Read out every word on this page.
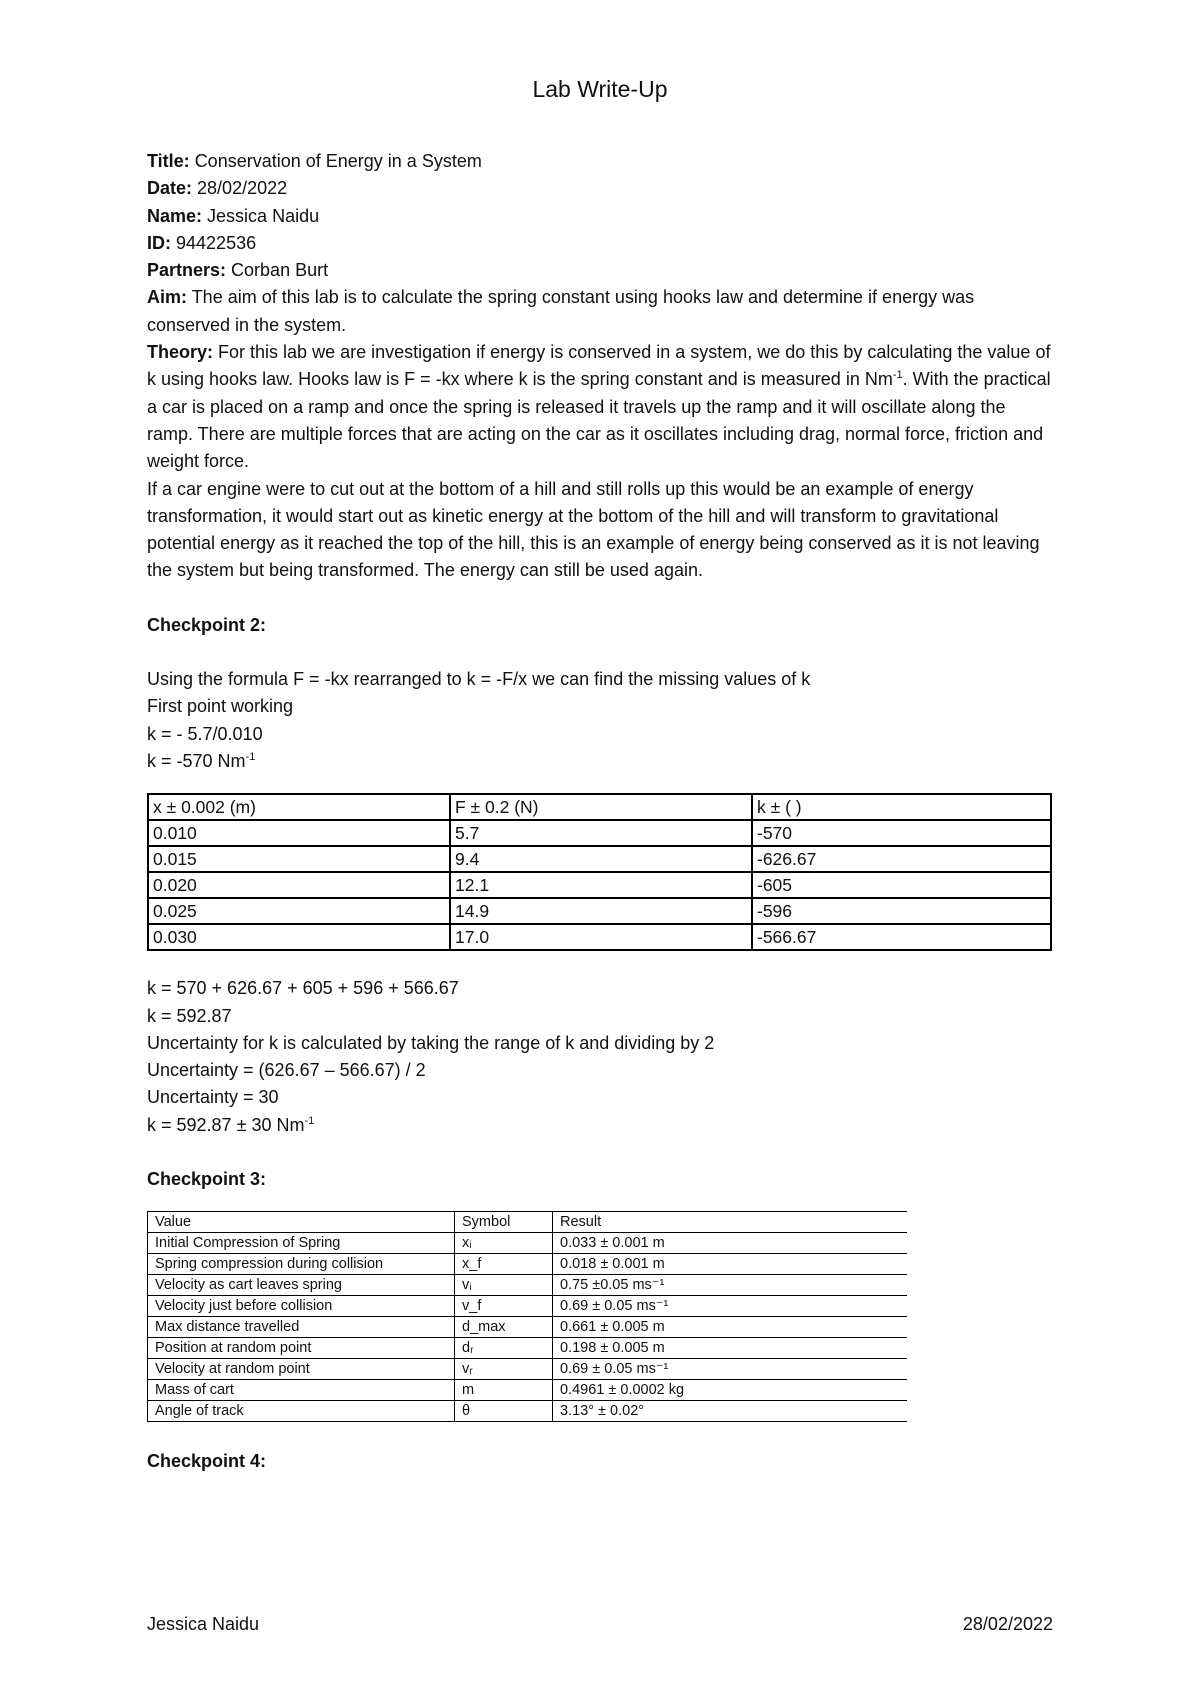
Lab Write-Up

Title: Conservation of Energy in a System

Date: 28/02/2022

Name: Jessica Naidu

ID: 94422536

Partners: Corban Burt

Aim: The aim of this lab is to calculate the spring constant using hooks law and determine if energy was conserved in the system.

Theory: For this lab we are investigation if energy is conserved in a system, we do this by calculating the value of k using hooks law. Hooks law is F = -kx where k is the spring constant and is measured in $Nm^{-1}$. With the practical a car is placed on a ramp and once the spring is released it travels up the ramp and it will oscillate along the ramp. There are multiple forces that are acting on the car as it oscillates including drag, normal force, friction and weight force.

If a car engine were to cut out at the bottom of a hill and still rolls up this would be an example of energy transformation, it would start out as kinetic energy at the bottom of the hill and will transform to gravitational potential energy as it reached the top of the hill, this is an example of energy being conserved as it is not leaving the system but being transformed. The energy can still be used again.

Checkpoint 2:

Using the formula F = -kx rearranged to k = -F/x we can find the missing values of k

First point working

k = - 5.7/0.010

k = -570 $Nm^{-1}$

x ± 0.002 (m)	F ± 0.2 (N)	k ± ( )
0.010	5.7	-570
0.015	9.4	-626.67
0.020	12.1	-605
0.025	14.9	-596
0.030	17.0	-566.67

k = 570 + 626.67 + 605 + 596 + 566.67

k = 592.87

Uncertainty for k is calculated by taking the range of k and dividing by 2

Uncertainty = (626.67 – 566.67) / 2

Uncertainty = 30

k = 592.87 ± 30 $Nm^{-1}$

Checkpoint 3:

Value	Symbol	Result
Initial Compression of Spring	xᵢ	0.033 ± 0.001 m
Spring compression during collision	x_f	0.018 ± 0.001 m
Velocity as cart leaves spring	vᵢ	0.75 ±0.05 ms⁻¹
Velocity just before collision	v_f	0.69 ± 0.05 ms⁻¹
Max distance travelled	d_max	0.661 ± 0.005 m
Position at random point	dᵣ	0.198 ± 0.005 m
Velocity at random point	vᵣ	0.69 ± 0.05 ms⁻¹
Mass of cart	m	0.4961 ± 0.0002 kg
Angle of track	θ	3.13° ± 0.02°

Checkpoint 4:

Jessica Naidu	28/02/2022
